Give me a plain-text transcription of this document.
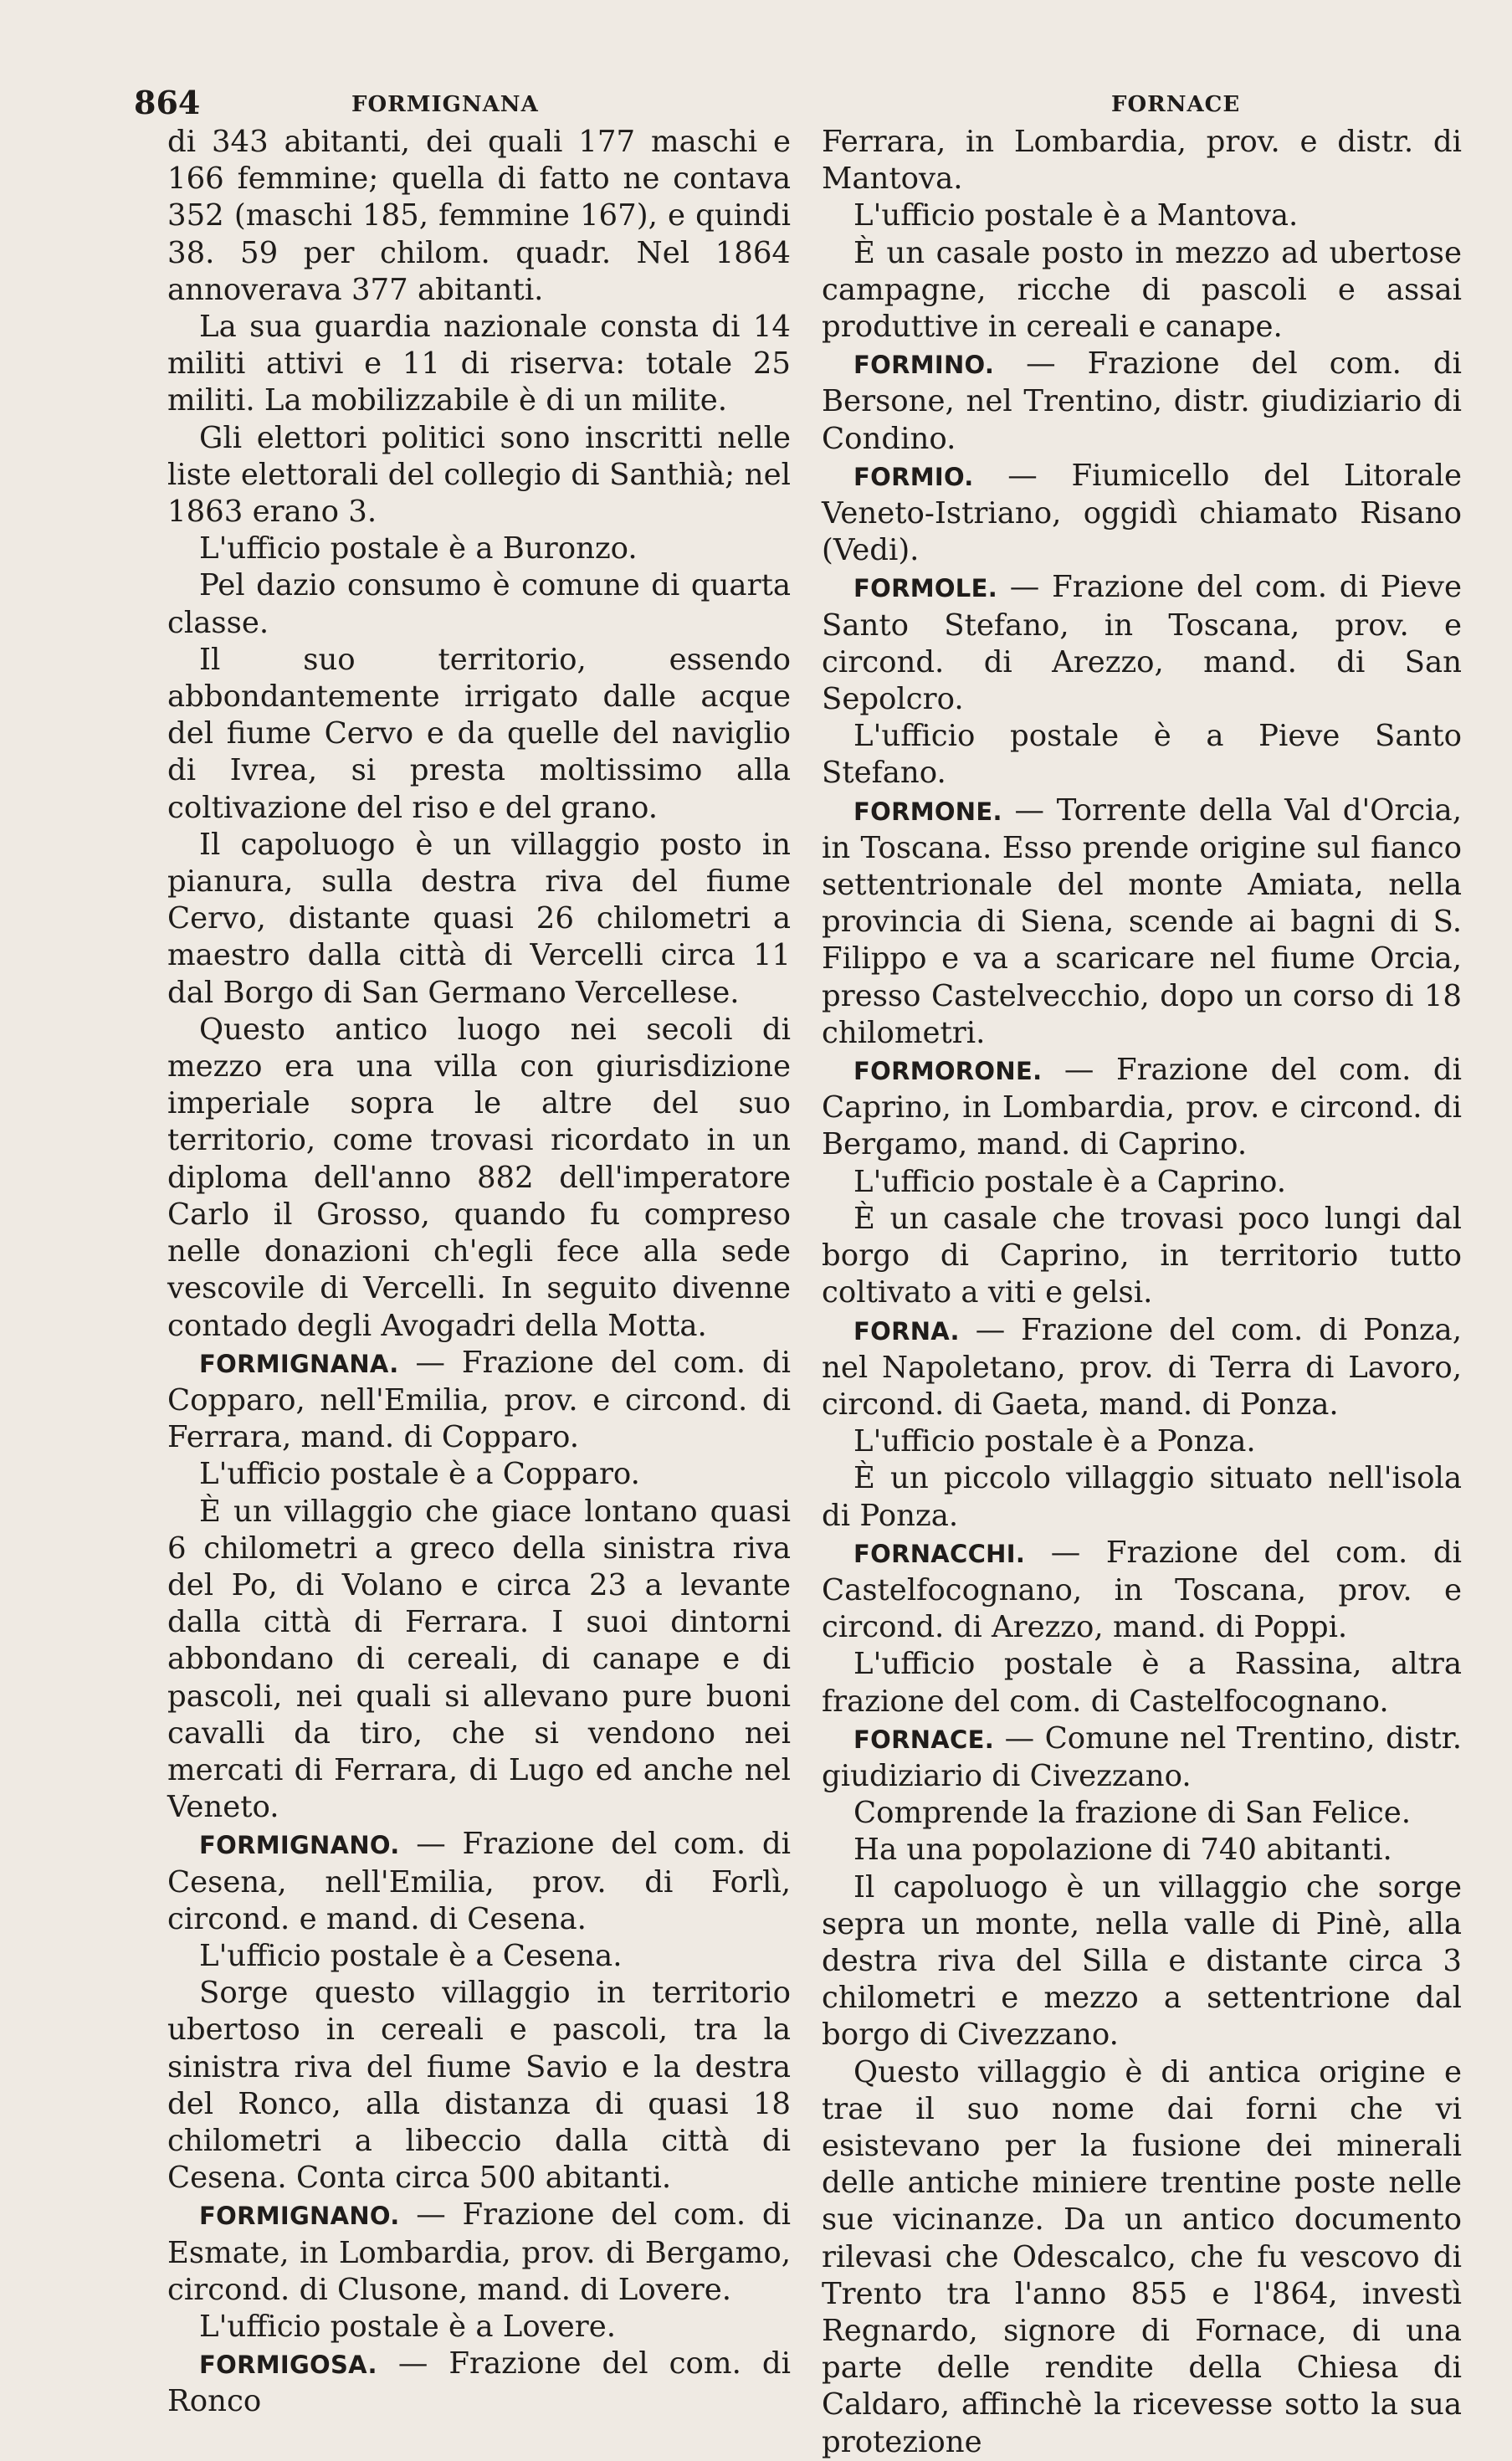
864	FORMIGNANA	FORNACE

di 343 abitanti, dei quali 177 maschi e 166 femmine; quella di fatto ne contava 352 (maschi 185, femmine 167), e quindi 38. 59 per chilom. quadr. Nel 1864 annoverava 377 abitanti.

La sua guardia nazionale consta di 14 militi attivi e 11 di riserva: totale 25 militi. La mobilizzabile è di un milite.

Gli elettori politici sono inscritti nelle liste elettorali del collegio di Santhià; nel 1863 erano 3.

L'ufficio postale è a Buronzo.

Pel dazio consumo è comune di quarta classe.

Il suo territorio, essendo abbondantemente irrigato dalle acque del fiume Cervo e da quelle del naviglio di Ivrea, si presta moltissimo alla coltivazione del riso e del grano.

Il capoluogo è un villaggio posto in pianura, sulla destra riva del fiume Cervo, distante quasi 26 chilometri a maestro dalla città di Vercelli circa 11 dal Borgo di San Germano Vercellese.

Questo antico luogo nei secoli di mezzo era una villa con giurisdizione imperiale sopra le altre del suo territorio, come trovasi ricordato in un diploma dell'anno 882 dell'imperatore Carlo il Grosso, quando fu compreso nelle donazioni ch'egli fece alla sede vescovile di Vercelli. In seguito divenne contado degli Avogadri della Motta.

FORMIGNANA. — Frazione del com. di Copparo, nell'Emilia, prov. e circond. di Ferrara, mand. di Copparo.

L'ufficio postale è a Copparo.

È un villaggio che giace lontano quasi 6 chilometri a greco della sinistra riva del Po, di Volano e circa 23 a levante dalla città di Ferrara. I suoi dintorni abbondano di cereali, di canape e di pascoli, nei quali si allevano pure buoni cavalli da tiro, che si vendono nei mercati di Ferrara, di Lugo ed anche nel Veneto.

FORMIGNANO. — Frazione del com. di Cesena, nell'Emilia, prov. di Forlì, circond. e mand. di Cesena.

L'ufficio postale è a Cesena.

Sorge questo villaggio in territorio ubertoso in cereali e pascoli, tra la sinistra riva del fiume Savio e la destra del Ronco, alla distanza di quasi 18 chilometri a libeccio dalla città di Cesena. Conta circa 500 abitanti.

FORMIGNANO. — Frazione del com. di Esmate, in Lombardia, prov. di Bergamo, circond. di Clusone, mand. di Lovere.

L'ufficio postale è a Lovere.

FORMIGOSA. — Frazione del com. di Ronco

Ferrara, in Lombardia, prov. e distr. di Mantova.

L'ufficio postale è a Mantova.

È un casale posto in mezzo ad ubertose campagne, ricche di pascoli e assai produttive in cereali e canape.

FORMINO. — Frazione del com. di Bersone, nel Trentino, distr. giudiziario di Condino.

FORMIO. — Fiumicello del Litorale Veneto-Istriano, oggidì chiamato Risano (Vedi).

FORMOLE. — Frazione del com. di Pieve Santo Stefano, in Toscana, prov. e circond. di Arezzo, mand. di San Sepolcro.

L'ufficio postale è a Pieve Santo Stefano.

FORMONE. — Torrente della Val d'Orcia, in Toscana. Esso prende origine sul fianco settentrionale del monte Amiata, nella provincia di Siena, scende ai bagni di S. Filippo e va a scaricare nel fiume Orcia, presso Castelvecchio, dopo un corso di 18 chilometri.

FORMORONE. — Frazione del com. di Caprino, in Lombardia, prov. e circond. di Bergamo, mand. di Caprino.

L'ufficio postale è a Caprino.

È un casale che trovasi poco lungi dal borgo di Caprino, in territorio tutto coltivato a viti e gelsi.

FORNA. — Frazione del com. di Ponza, nel Napoletano, prov. di Terra di Lavoro, circond. di Gaeta, mand. di Ponza.

L'ufficio postale è a Ponza.

È un piccolo villaggio situato nell'isola di Ponza.

FORNACCHI. — Frazione del com. di Castelfocognano, in Toscana, prov. e circond. di Arezzo, mand. di Poppi.

L'ufficio postale è a Rassina, altra frazione del com. di Castelfocognano.

FORNACE. — Comune nel Trentino, distr. giudiziario di Civezzano.

Comprende la frazione di San Felice.

Ha una popolazione di 740 abitanti.

Il capoluogo è un villaggio che sorge sepra un monte, nella valle di Pinè, alla destra riva del Silla e distante circa 3 chilometri e mezzo a settentrione dal borgo di Civezzano.

Questo villaggio è di antica origine e trae il suo nome dai forni che vi esistevano per la fusione dei minerali delle antiche miniere trentine poste nelle sue vicinanze. Da un antico documento rilevasi che Odescalco, che fu vescovo di Trento tra l'anno 855 e l'864, investì Regnardo, signore di Fornace, di una parte delle rendite della Chiesa di Caldaro, affinchè la ricevesse sotto la sua protezione
